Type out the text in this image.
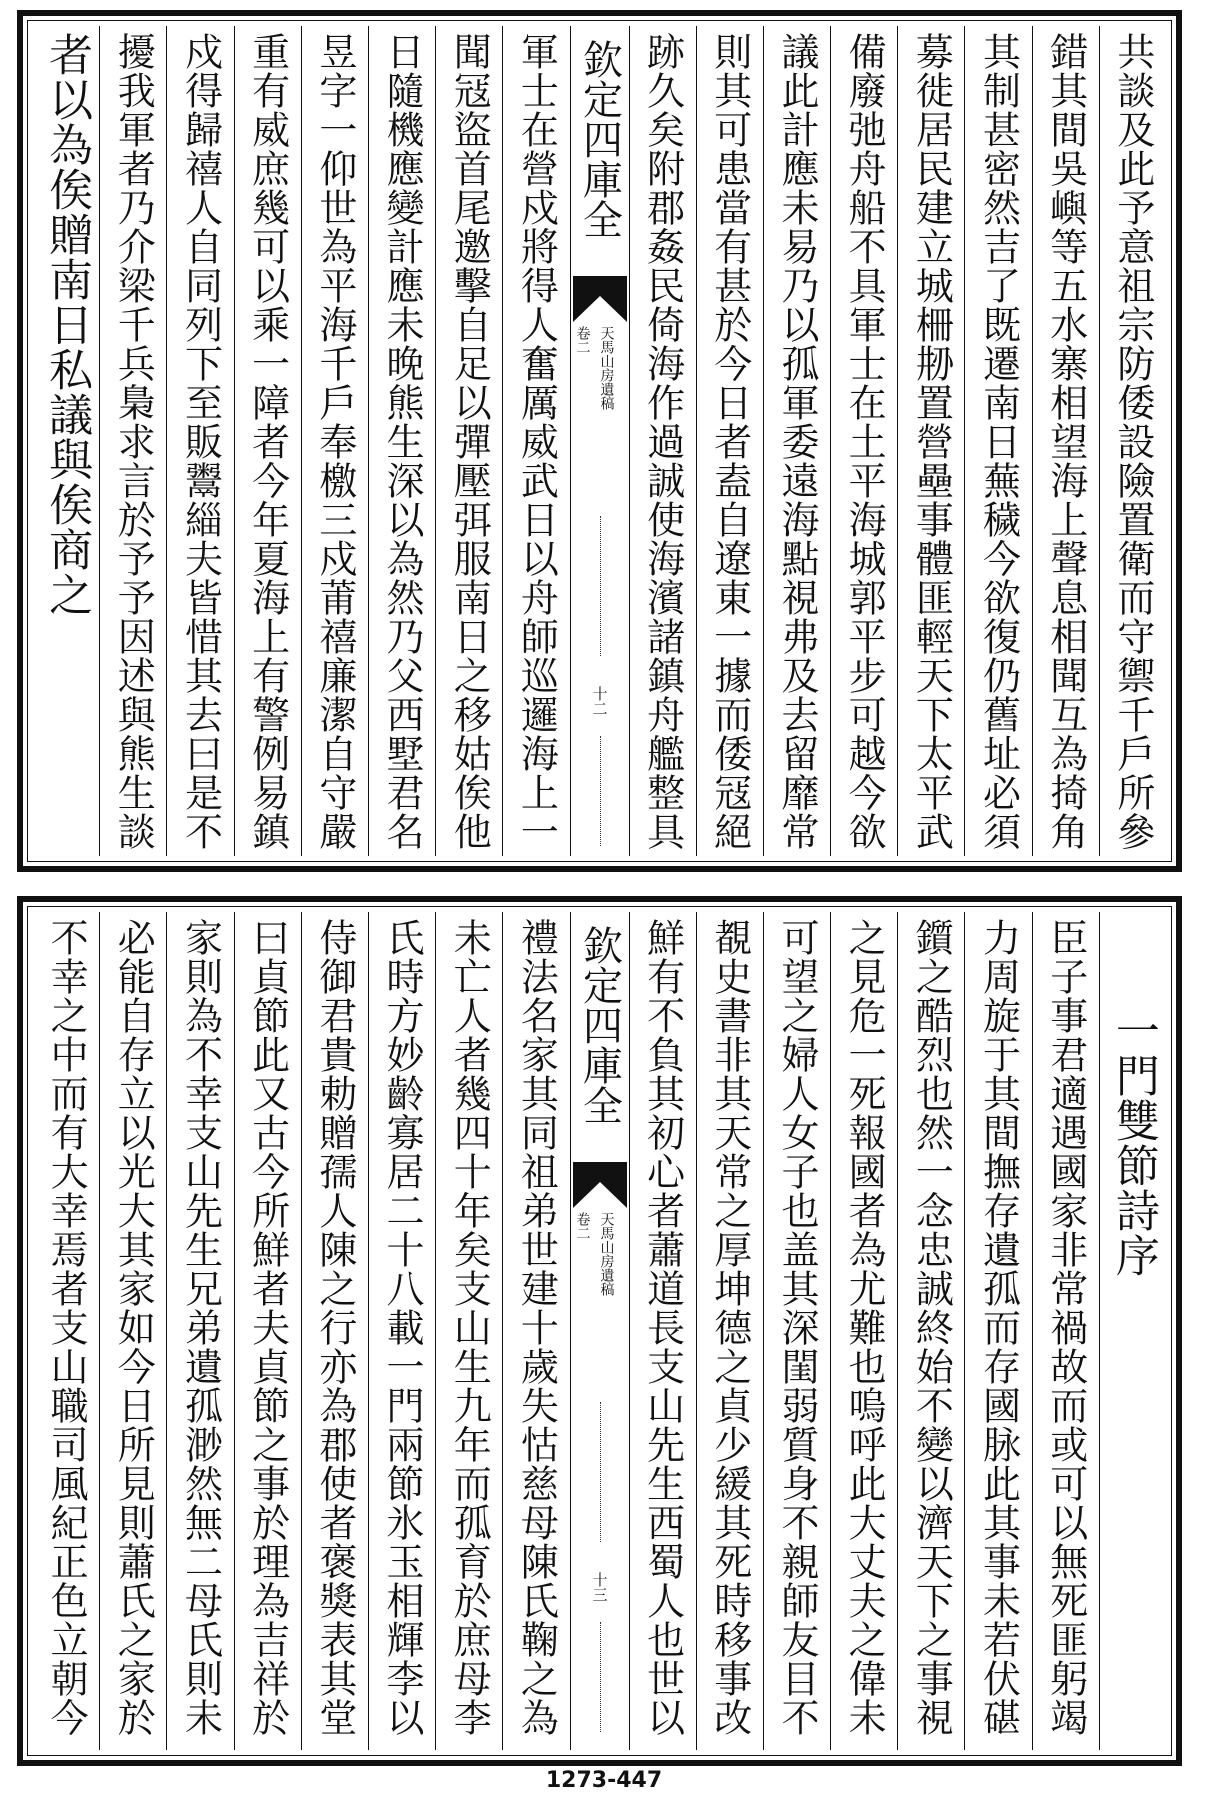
共談及此予意祖宗防倭設險置衛而守禦千戶所參
錯其間吳嶼等五水寨相望海上聲息相聞互為掎角
其制甚密然吉了既遷南日蕪穢今欲復仍舊址必須
募徙居民建立城柵刱置營壘事體匪輕天下太平武
備廢弛舟船不具軍士在土平海城郭平步可越今欲
議此計應未易乃以孤軍委遠海點視弗及去留靡常
則其可患當有甚於今日者盍自遼東一據而倭冦絕
跡久矣附郡姦民倚海作過誠使海濱諸鎮舟艦整具
欽定四庫全
天馬山房遺稿
卷二
十二
軍士在營戍將得人奮厲威武日以舟師巡邏海上一
聞冦盜首尾邀擊自足以彈壓弭服南日之移姑俟他
日隨機應變計應未晚熊生深以為然乃父西墅君名
昱字一仰世為平海千戶奉檄三戍莆禧廉潔自守嚴
重有威庶幾可以乘一障者今年夏海上有警例易鎮
戍得歸禧人自同列下至販鬻緇夫皆惜其去曰是不
擾我軍者乃介梁千兵梟求言於予予因述與熊生談
者以為俟贈南日私議與俟商之
一門雙節詩序
臣子事君適遇國家非常禍故而或可以無死匪躬竭
力周旋于其間撫存遺孤而存國脉此其事未若伏碪
鑕之酷烈也然一念忠誠終始不變以濟天下之事視
之見危一死報國者為尤難也嗚呼此大丈夫之偉未
可望之婦人女子也盖其深閨弱質身不親師友目不
覩史書非其天常之厚坤德之貞少緩其死時移事改
鮮有不負其初心者蕭道長支山先生西蜀人也世以
欽定四庫全
天馬山房遺稿
卷二
十三
禮法名家其同祖弟世建十歲失怙慈母陳氏鞠之為
未亡人者幾四十年矣支山生九年而孤育於庶母李
氏時方妙齡寡居二十八載一門兩節氷玉相輝李以
侍御君貴勅贈孺人陳之行亦為郡使者褒獎表其堂
曰貞節此又古今所鮮者夫貞節之事於理為吉祥於
家則為不幸支山先生兄弟遺孤渺然無二母氏則未
必能自存立以光大其家如今日所見則蕭氏之家於
不幸之中而有大幸焉者支山職司風紀正色立朝今
1273-447
